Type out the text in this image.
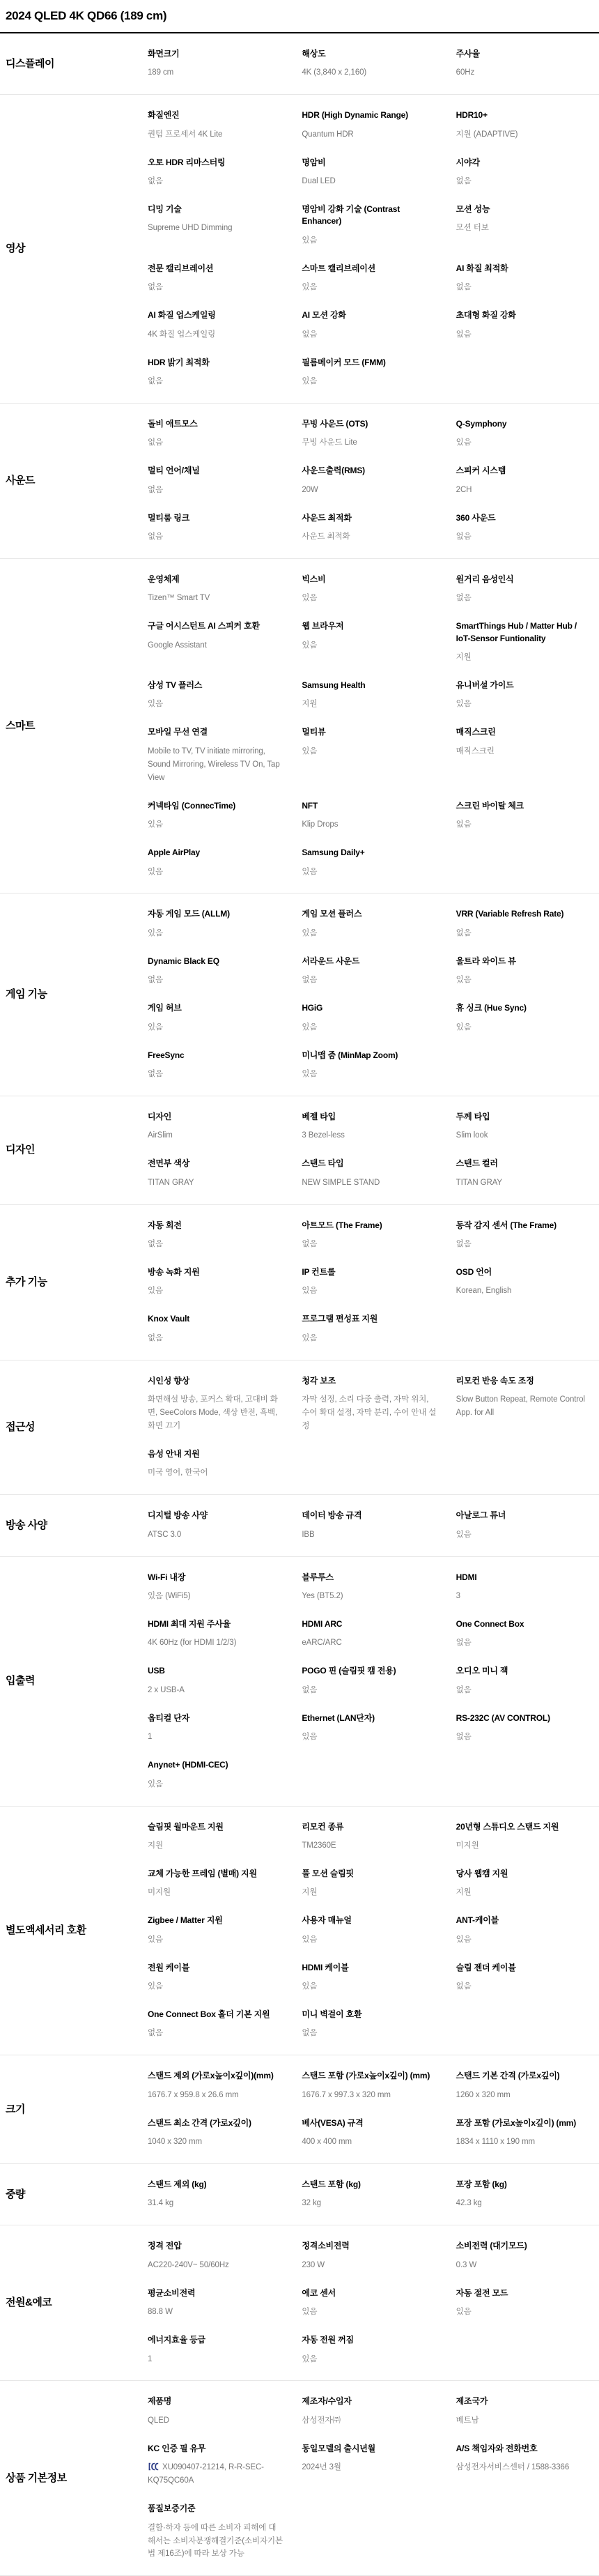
2024 QLED 4K QD66 (189 cm)
디스플레이
화면크기
189 cm
해상도
4K (3,840 x 2,160)
주사율
60Hz
영상
화질엔진
퀀텀 프로세서 4K Lite
HDR (High Dynamic Range)
Quantum HDR
HDR10+
지원 (ADAPTIVE)
오토 HDR 리마스터링
없음
명암비
Dual LED
시야각
없음
디밍 기술
Supreme UHD Dimming
명암비 강화 기술 (Contrast Enhancer)
있음
모션 성능
모션 터보
전문 캘리브레이션
없음
스마트 캘리브레이션
있음
AI 화질 최적화
없음
AI 화질 업스케일링
4K 화질 업스케일링
AI 모션 강화
없음
초대형 화질 강화
없음
HDR 밝기 최적화
없음
필름메이커 모드 (FMM)
있음
사운드
돌비 애트모스
없음
무빙 사운드 (OTS)
무빙 사운드 Lite
Q-Symphony
있음
멀티 언어/채널
없음
사운드출력(RMS)
20W
스피커 시스템
2CH
멀티룸 링크
없음
사운드 최적화
사운드 최적화
360 사운드
없음
스마트
운영체제
Tizen™ Smart TV
빅스비
있음
원거리 음성인식
없음
구글 어시스턴트 AI 스피커 호환
Google Assistant
웹 브라우저
있음
SmartThings Hub / Matter Hub / IoT-Sensor Funtionality
지원
삼성 TV 플러스
있음
Samsung Health
지원
유니버설 가이드
있음
모바일 무선 연결
Mobile to TV, TV initiate mirroring, Sound Mirroring, Wireless TV On, Tap View
멀티뷰
있음
매직스크린
매직스크린
커넥타임 (ConnecTime)
있음
NFT
Klip Drops
스크린 바이탈 체크
없음
Apple AirPlay
있음
Samsung Daily+
있음
게임 기능
자동 게임 모드 (ALLM)
있음
게임 모션 플러스
있음
VRR (Variable Refresh Rate)
없음
Dynamic Black EQ
없음
서라운드 사운드
없음
울트라 와이드 뷰
있음
게임 허브
있음
HGiG
있음
휴 싱크 (Hue Sync)
있음
FreeSync
없음
미니맵 줌 (MinMap Zoom)
있음
디자인
디자인
AirSlim
베젤 타입
3 Bezel-less
두께 타입
Slim look
전면부 색상
TITAN GRAY
스탠드 타입
NEW SIMPLE STAND
스탠드 컬러
TITAN GRAY
추가 기능
자동 회전
없음
아트모드 (The Frame)
없음
동작 감지 센서 (The Frame)
없음
방송 녹화 지원
있음
IP 컨트롤
있음
OSD 언어
Korean, English
Knox Vault
없음
프로그램 편성표 지원
있음
접근성
시인성 향상
화면해설 방송, 포커스 확대, 고대비 화면, SeeColors Mode, 색상 반전, 흑백, 화면 끄기
청각 보조
자막 설정, 소리 다중 출력, 자막 위치, 수어 확대 설정, 자막 분리, 수어 안내 설정
리모컨 반응 속도 조정
Slow Button Repeat, Remote Control App. for All
음성 안내 지원
미국 영어, 한국어
방송 사양
디지털 방송 사양
ATSC 3.0
데이터 방송 규격
IBB
아날로그 튜너
있음
입출력
Wi-Fi 내장
있음 (WiFi5)
블루투스
Yes (BT5.2)
HDMI
3
HDMI 최대 지원 주사율
4K 60Hz (for HDMI 1/2/3)
HDMI ARC
eARC/ARC
One Connect Box
없음
USB
2 x USB-A
POGO 핀 (슬림핏 캠 전용)
없음
오디오 미니 잭
없음
옵티컬 단자
1
Ethernet (LAN단자)
있음
RS-232C (AV CONTROL)
없음
Anynet+ (HDMI-CEC)
있음
별도액세서리 호환
슬림핏 월마운트 지원
지원
리모컨 종류
TM2360E
20년형 스튜디오 스탠드 지원
미지원
교체 가능한 프레임 (별매) 지원
미지원
풀 모션 슬림핏
지원
당사 웹캠 지원
지원
Zigbee / Matter 지원
있음
사용자 매뉴얼
있음
ANT-케이블
있음
전원 케이블
있음
HDMI 케이블
있음
슬림 젠더 케이블
없음
One Connect Box 홀더 기본 지원
없음
미니 벽걸이 호환
없음
크기
스탠드 제외 (가로x높이x깊이)(mm)
1676.7 x 959.8 x 26.6 mm
스탠드 포함 (가로x높이x깊이) (mm)
1676.7 x 997.3 x 320 mm
스탠드 기본 간격 (가로x깊이)
1260 x 320 mm
스탠드 최소 간격 (가로x깊이)
1040 x 320 mm
베사(VESA) 규격
400 x 400 mm
포장 포함 (가로x높이x깊이) (mm)
1834 x 1110 x 190 mm
중량
스탠드 제외 (kg)
31.4 kg
스탠드 포함 (kg)
32 kg
포장 포함 (kg)
42.3 kg
전원&에코
정격 전압
AC220-240V~ 50/60Hz
정격소비전력
230 W
소비전력 (대기모드)
0.3 W
평균소비전력
88.8 W
에코 센서
있음
자동 절전 모드
있음
에너지효율 등급
1
자동 전원 꺼짐
있음
상품 기본정보
제품명
QLED
제조자/수입자
삼성전자㈜
제조국가
베트남
KC 인증 필 유무
XU090407-21214, R-R-SEC-KQ75QC60A
동일모델의 출시년월
2024년 3월
A/S 책임자와 전화번호
삼성전자서비스센터 / 1588-3366
품질보증기준
결함·하자 등에 따른 소비자 피해에 대해서는 소비자분쟁해결기준(소비자기본법 제16조)에 따라 보상 가능
